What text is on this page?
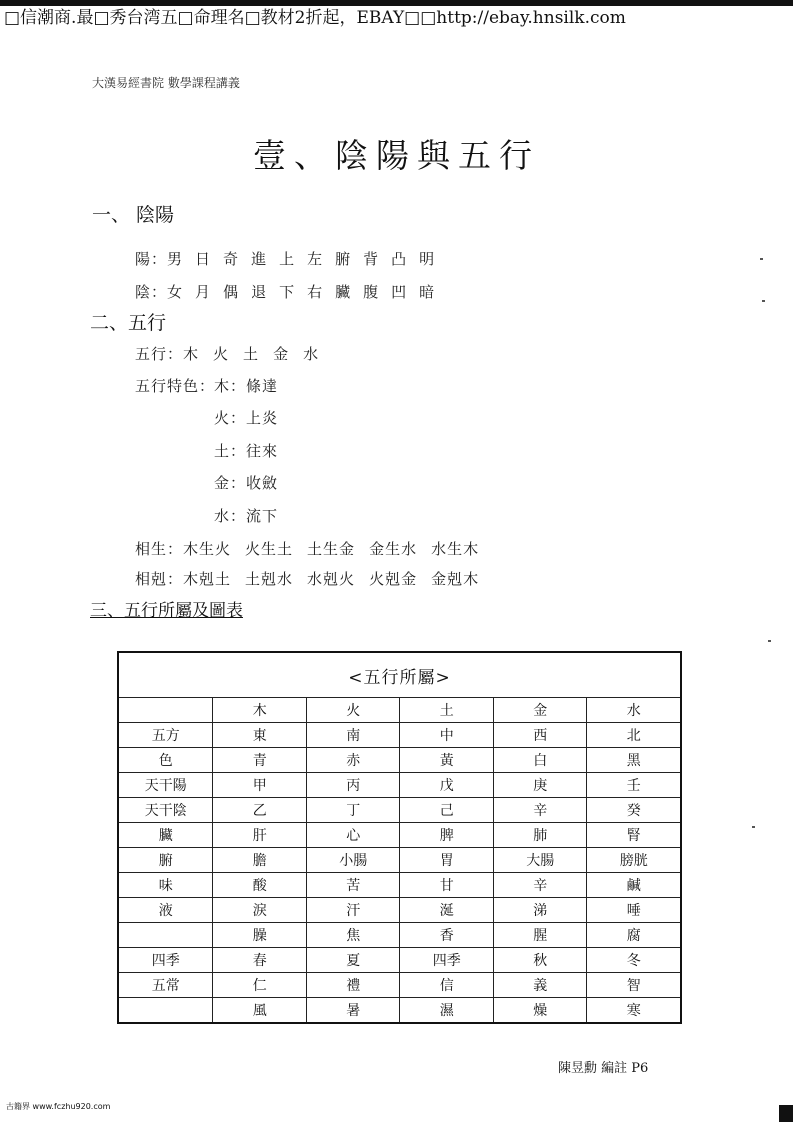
□信潮商.最□秀台湾五□命理名□教材2折起，EBAY□□http://ebay.hnsilk.com
大漢易經書院 數學課程講義
壹、陰陽與五行
一、 陰陽
陽：男 日 奇 進 上 左 腑 背 凸 明
陰：女 月 偶 退 下 右 臟 腹 凹 暗
二、五行
五行：木 火 土 金 水
五行特色：
木：條達
火：上炎
土：往來
金：收斂
水：流下
相生：木生火 火生土 土生金 金生水 水生木
相剋：木剋土 土剋水 水剋火 火剋金 金剋木
三、五行所屬及圖表
<五行所屬>					
	木	火	土	金	水
五方	東	南	中	西	北
色	青	赤	黃	白	黑
天干陽	甲	丙	戊	庚	壬
天干陰	乙	丁	己	辛	癸
臟	肝	心	脾	肺	腎
腑	膽	小腸	胃	大腸	膀胱
味	酸	苦	甘	辛	鹹
液	淚	汗	涎	涕	唾
	臊	焦	香	腥	腐
四季	春	夏	四季	秋	冬
五常	仁	禮	信	義	智
	風	暑	濕	燥	寒
陳昱勳 編註 P6
古籍界 www.fczhu920.com
